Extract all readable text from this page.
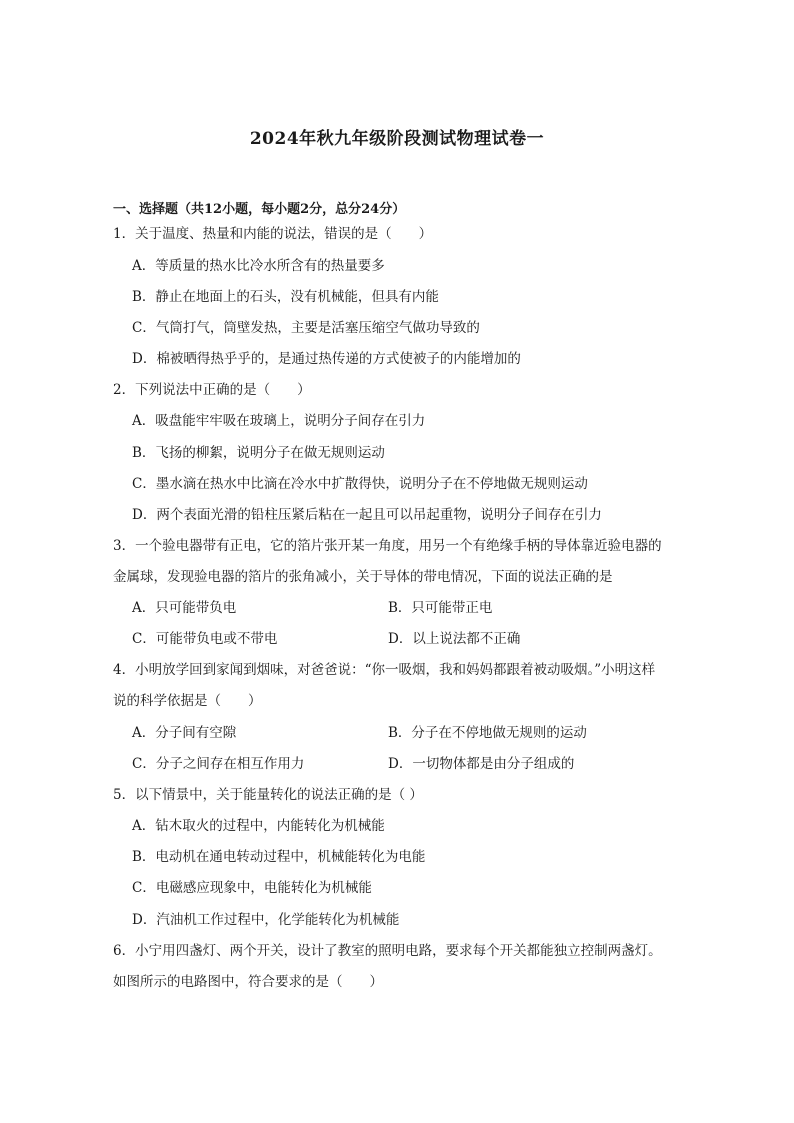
2024年秋九年级阶段测试物理试卷一
一、选择题（共12小题，每小题2分，总分24分）
1．关于温度、热量和内能的说法，错误的是（　　）
A．等质量的热水比冷水所含有的热量要多
B．静止在地面上的石头，没有机械能，但具有内能
C．气筒打气，筒壁发热，主要是活塞压缩空气做功导致的
D．棉被晒得热乎乎的，是通过热传递的方式使被子的内能增加的
2．下列说法中正确的是（　　）
A．吸盘能牢牢吸在玻璃上，说明分子间存在引力
B．飞扬的柳絮，说明分子在做无规则运动
C．墨水滴在热水中比滴在冷水中扩散得快，说明分子在不停地做无规则运动
D．两个表面光滑的铅柱压紧后粘在一起且可以吊起重物，说明分子间存在引力
3．一个验电器带有正电，它的箔片张开某一角度，用另一个有绝缘手柄的导体靠近验电器的
金属球，发现验电器的箔片的张角减小，关于导体的带电情况，下面的说法正确的是
A．只可能带负电	B．只可能带正电
C．可能带负电或不带电	D．以上说法都不正确
4．小明放学回到家闻到烟味，对爸爸说：“你一吸烟，我和妈妈都跟着被动吸烟。”小明这样
说的科学依据是（　　）
A．分子间有空隙	B．分子在不停地做无规则的运动
C．分子之间存在相互作用力	D．一切物体都是由分子组成的
5．以下情景中，关于能量转化的说法正确的是（ ）
A．钻木取火的过程中，内能转化为机械能
B．电动机在通电转动过程中，机械能转化为电能
C．电磁感应现象中，电能转化为机械能
D．汽油机工作过程中，化学能转化为机械能
6．小宁用四盏灯、两个开关，设计了教室的照明电路，要求每个开关都能独立控制两盏灯。
如图所示的电路图中，符合要求的是（　　）
